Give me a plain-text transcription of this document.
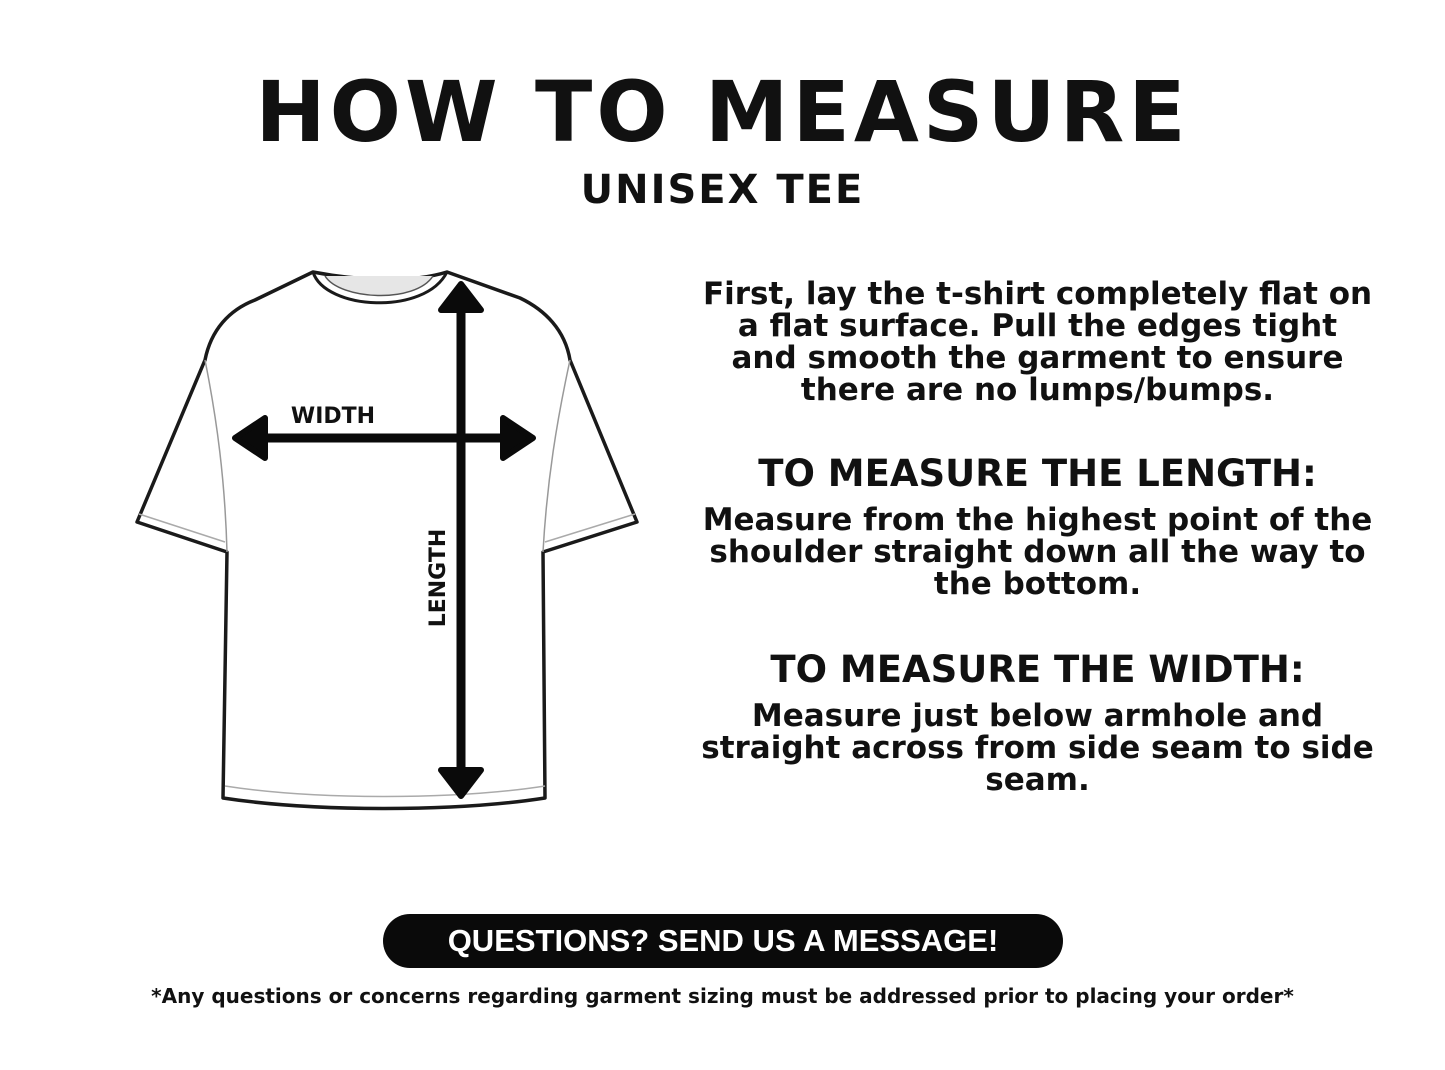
HOW TO MEASURE
UNISEX TEE
WIDTH
LENGTH

First, lay the t-shirt completely flat on a flat surface. Pull the edges tight and smooth the garment to ensure there are no lumps/bumps.

TO MEASURE THE LENGTH:

Measure from the highest point of the shoulder straight down all the way to the bottom.

TO MEASURE THE WIDTH:

Measure just below armhole and straight across from side seam to side seam.

QUESTIONS? SEND US A MESSAGE!
*Any questions or concerns regarding garment sizing must be addressed prior to placing your order*
